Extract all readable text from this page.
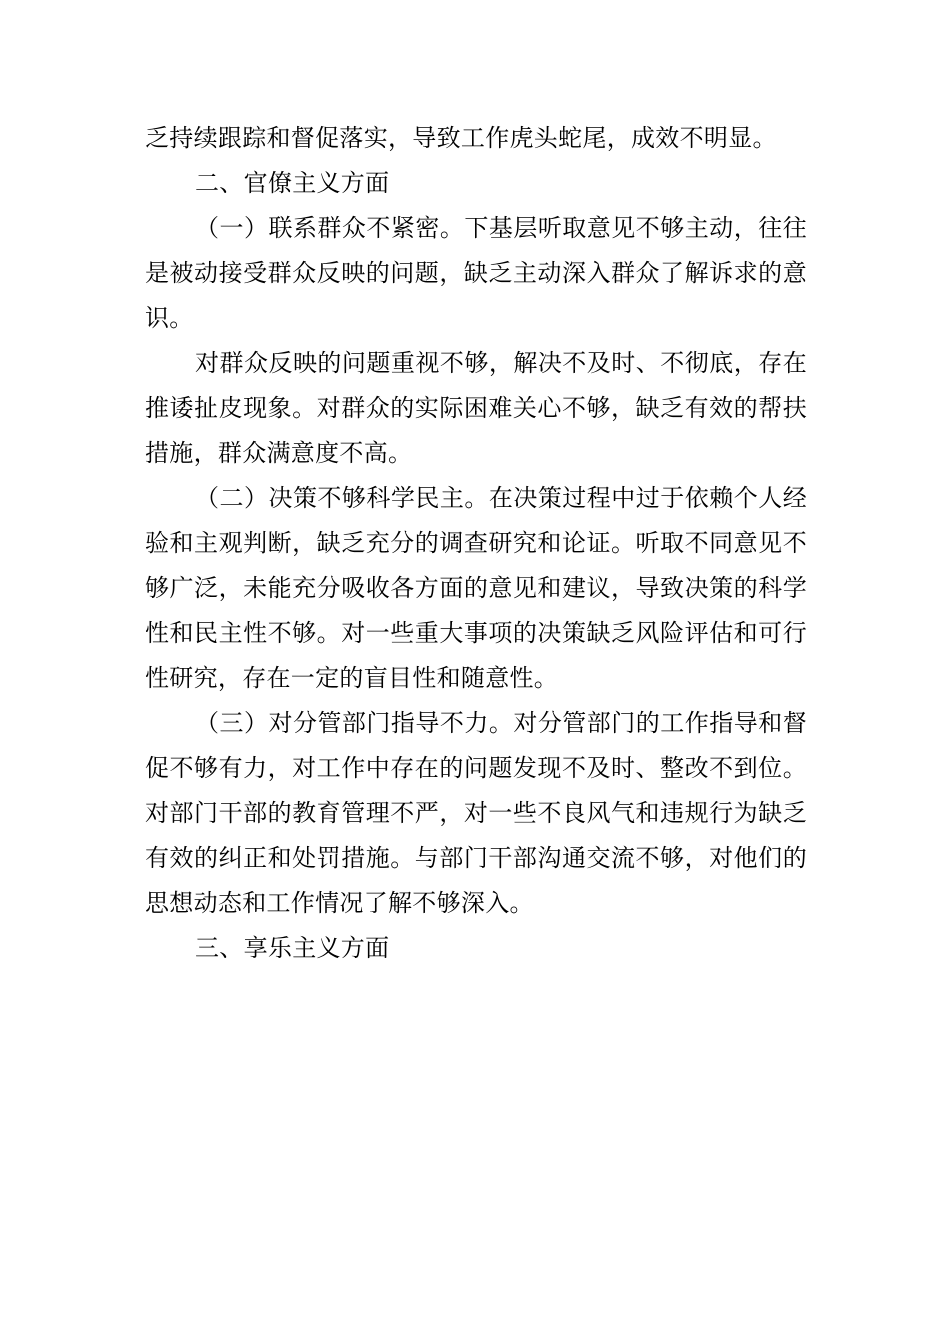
乏持续跟踪和督促落实，导致工作虎头蛇尾，成效不明显。

二、官僚主义方面

（一）联系群众不紧密。下基层听取意见不够主动，往往是被动接受群众反映的问题，缺乏主动深入群众了解诉求的意识。

对群众反映的问题重视不够，解决不及时、不彻底，存在推诿扯皮现象。对群众的实际困难关心不够，缺乏有效的帮扶措施，群众满意度不高。

（二）决策不够科学民主。在决策过程中过于依赖个人经验和主观判断，缺乏充分的调查研究和论证。听取不同意见不够广泛，未能充分吸收各方面的意见和建议，导致决策的科学性和民主性不够。对一些重大事项的决策缺乏风险评估和可行性研究，存在一定的盲目性和随意性。

（三）对分管部门指导不力。对分管部门的工作指导和督促不够有力，对工作中存在的问题发现不及时、整改不到位。对部门干部的教育管理不严，对一些不良风气和违规行为缺乏有效的纠正和处罚措施。与部门干部沟通交流不够，对他们的思想动态和工作情况了解不够深入。

三、享乐主义方面
